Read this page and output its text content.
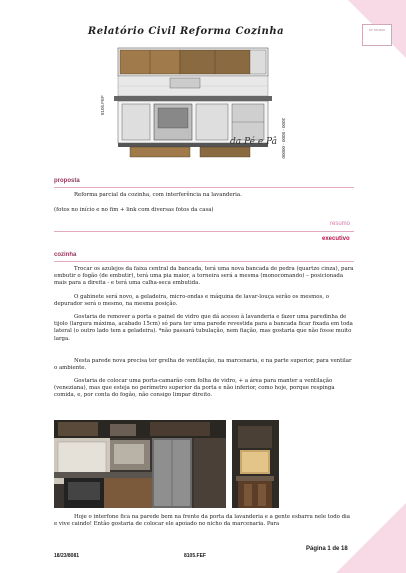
ST STUDIO
Relatório Civil Reforma Cozinha
8105.FEF
3000 - 8000 - 00000
da Pé e Pâ
proposta
Reforma parcial da cozinha, com interferência na lavanderia.
(fotos no início e no fim + link com diversas fotos da casa)
resumo
executivo
cozinha
Trocar os azulejos da faixa central da bancada, terá uma nova bancada de pedra (quartzo cinza), para embutir o fogão (de embutir), terá uma pia maior, a torneira será a mesma (monocomando) – posicionada mais para a direita - e terá uma calha-seca embutida.
O gabinete será novo, a geladeira, micro-ondas e máquina de lavar-louça serão os mesmos, o depurador será o mesmo, na mesma posição.
Gostaria de remover a porta e painel de vidro que dá acesso à lavanderia e fazer uma paredinha de tijolo (largura máxima, acabado 15cm) só para ter uma parede revestida para a bancada ficar fixada em toda lateral (o outro lado tem a geladeira). *não passará tubulação, nem fiação, mas gostaria que não fosse muito larga.
Nesta parede nova precisa ter grelha de ventilação, na marcenaria, e na parte superior, para ventilar o ambiente.
Gostaria de colocar uma porta-camarão com folha de vidro, + a área para manter a ventilação (veneziana), mas que esteja no perímetro superior da porta e não inferior, como hoje, porque respinga comida, e, por conta do fogão, não consigo limpar direito.
Hoje o interfone fica na parede bem na frente da porta da lavanderia e a gente esbarra nele todo dia e vive caindo! Então gostaria de colocar ele apoiado no nicho da marcenaria. Para
Página 1 de 18
18/23/8081	8105.FEF
